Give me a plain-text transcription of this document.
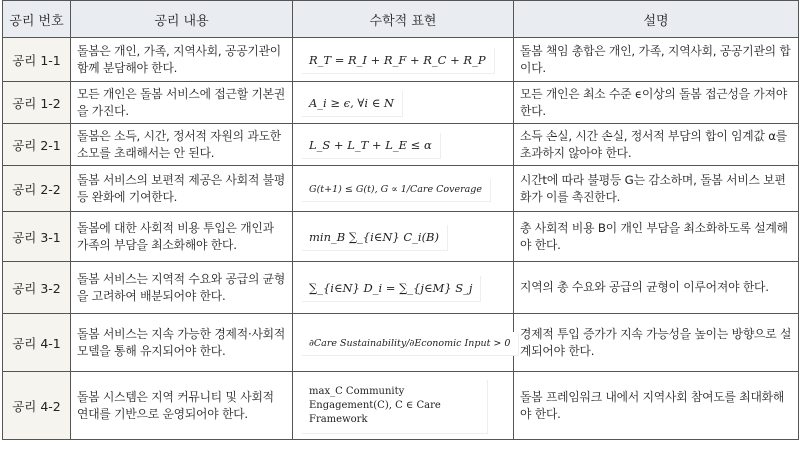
공리 번호	공리 내용	수학적 표현	설명
공리 1-1	돌봄은 개인, 가족, 지역사회, 공공기관이 함께 분담해야 한다.	R_T = R_I + R_F + R_C + R_P	돌봄 책임 총합은 개인, 가족, 지역사회, 공공기관의 합이다.
공리 1-2	모든 개인은 돌봄 서비스에 접근할 기본권을 가진다.	A_i ≥ ϵ, ∀i ∈ N	모든 개인은 최소 수준 ϵ이상의 돌봄 접근성을 가져야 한다.
공리 2-1	돌봄은 소득, 시간, 정서적 자원의 과도한 소모를 초래해서는 안 된다.	L_S + L_T + L_E ≤ α	소득 손실, 시간 손실, 정서적 부담의 합이 임계값 α를 초과하지 않아야 한다.
공리 2-2	돌봄 서비스의 보편적 제공은 사회적 불평등 완화에 기여한다.	G(t+1) ≤ G(t), G ∝ 1/Care Coverage	시간t에 따라 불평등 G는 감소하며, 돌봄 서비스 보편화가 이를 촉진한다.
공리 3-1	돌봄에 대한 사회적 비용 투입은 개인과 가족의 부담을 최소화해야 한다.	min_B ∑_{i∈N} C_i(B)	총 사회적 비용 B이 개인 부담을 최소화하도록 설계해야 한다.
공리 3-2	돌봄 서비스는 지역적 수요와 공급의 균형을 고려하여 배분되어야 한다.	∑_{i∈N} D_i = ∑_{j∈M} S_j	지역의 총 수요와 공급의 균형이 이루어져야 한다.
공리 4-1	돌봄 서비스는 지속 가능한 경제적·사회적 모델을 통해 유지되어야 한다.	∂Care Sustainability/∂Economic Input > 0	경제적 투입 증가가 지속 가능성을 높이는 방향으로 설계되어야 한다.
공리 4-2	돌봄 시스템은 지역 커뮤니티 및 사회적 연대를 기반으로 운영되어야 한다.	max_C Community Engagement(C), C ∈ Care Framework	돌봄 프레임워크 내에서 지역사회 참여도를 최대화해야 한다.
